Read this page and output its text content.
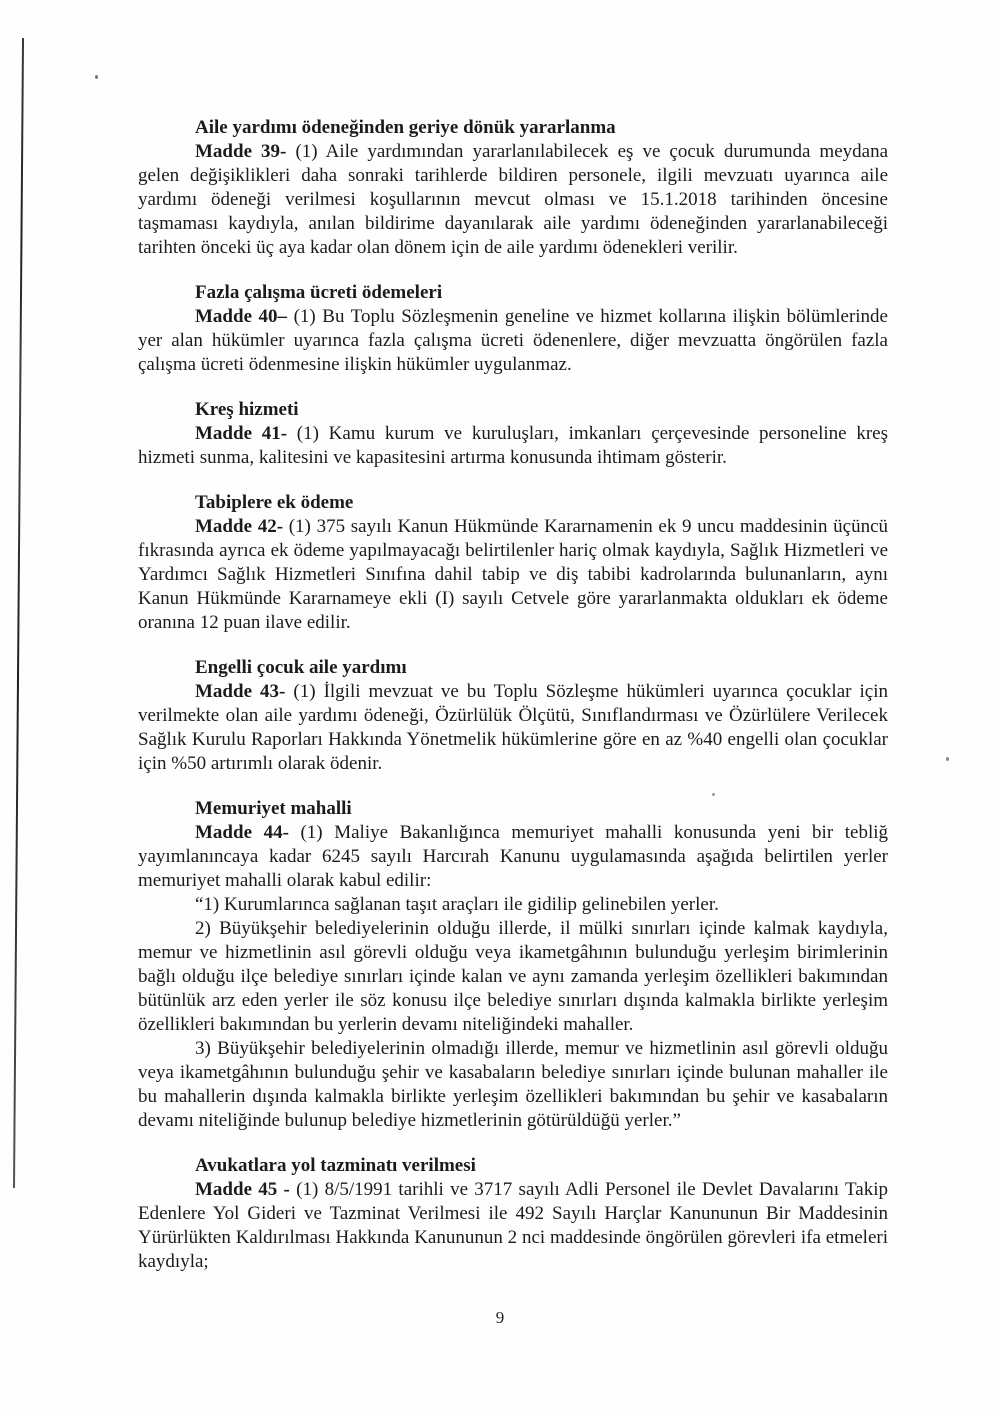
Aile yardımı ödeneğinden geriye dönük yararlanma

Madde 39- (1) Aile yardımından yararlanılabilecek eş ve çocuk durumunda meydana gelen değişiklikleri daha sonraki tarihlerde bildiren personele, ilgili mevzuatı uyarınca aile yardımı ödeneği verilmesi koşullarının mevcut olması ve 15.1.2018 tarihinden öncesine taşmaması kaydıyla, anılan bildirime dayanılarak aile yardımı ödeneğinden yararlanabileceği tarihten önceki üç aya kadar olan dönem için de aile yardımı ödenekleri verilir.

Fazla çalışma ücreti ödemeleri

Madde 40– (1) Bu Toplu Sözleşmenin geneline ve hizmet kollarına ilişkin bölümlerinde yer alan hükümler uyarınca fazla çalışma ücreti ödenenlere, diğer mevzuatta öngörülen fazla çalışma ücreti ödenmesine ilişkin hükümler uygulanmaz.

Kreş hizmeti

Madde 41- (1) Kamu kurum ve kuruluşları, imkanları çerçevesinde personeline kreş hizmeti sunma, kalitesini ve kapasitesini artırma konusunda ihtimam gösterir.

Tabiplere ek ödeme

Madde 42- (1) 375 sayılı Kanun Hükmünde Kararnamenin ek 9 uncu maddesinin üçüncü fıkrasında ayrıca ek ödeme yapılmayacağı belirtilenler hariç olmak kaydıyla, Sağlık Hizmetleri ve Yardımcı Sağlık Hizmetleri Sınıfına dahil tabip ve diş tabibi kadrolarında bulunanların, aynı Kanun Hükmünde Kararnameye ekli (I) sayılı Cetvele göre yararlanmakta oldukları ek ödeme oranına 12 puan ilave edilir.

Engelli çocuk aile yardımı

Madde 43- (1) İlgili mevzuat ve bu Toplu Sözleşme hükümleri uyarınca çocuklar için verilmekte olan aile yardımı ödeneği, Özürlülük Ölçütü, Sınıflandırması ve Özürlülere Verilecek Sağlık Kurulu Raporları Hakkında Yönetmelik hükümlerine göre en az %40 engelli olan çocuklar için %50 artırımlı olarak ödenir.

Memuriyet mahalli

Madde 44- (1) Maliye Bakanlığınca memuriyet mahalli konusunda yeni bir tebliğ yayımlanıncaya kadar 6245 sayılı Harcırah Kanunu uygulamasında aşağıda belirtilen yerler memuriyet mahalli olarak kabul edilir:

“1) Kurumlarınca sağlanan taşıt araçları ile gidilip gelinebilen yerler.

2) Büyükşehir belediyelerinin olduğu illerde, il mülki sınırları içinde kalmak kaydıyla, memur ve hizmetlinin asıl görevli olduğu veya ikametgâhının bulunduğu yerleşim birimlerinin bağlı olduğu ilçe belediye sınırları içinde kalan ve aynı zamanda yerleşim özellikleri bakımından bütünlük arz eden yerler ile söz konusu ilçe belediye sınırları dışında kalmakla birlikte yerleşim özellikleri bakımından bu yerlerin devamı niteliğindeki mahaller.

3) Büyükşehir belediyelerinin olmadığı illerde, memur ve hizmetlinin asıl görevli olduğu veya ikametgâhının bulunduğu şehir ve kasabaların belediye sınırları içinde bulunan mahaller ile bu mahallerin dışında kalmakla birlikte yerleşim özellikleri bakımından bu şehir ve kasabaların devamı niteliğinde bulunup belediye hizmetlerinin götürüldüğü yerler.”

Avukatlara yol tazminatı verilmesi

Madde 45 - (1) 8/5/1991 tarihli ve 3717 sayılı Adli Personel ile Devlet Davalarını Takip Edenlere Yol Gideri ve Tazminat Verilmesi ile 492 Sayılı Harçlar Kanununun Bir Maddesinin Yürürlükten Kaldırılması Hakkında Kanununun 2 nci maddesinde öngörülen görevleri ifa etmeleri kaydıyla;

9
